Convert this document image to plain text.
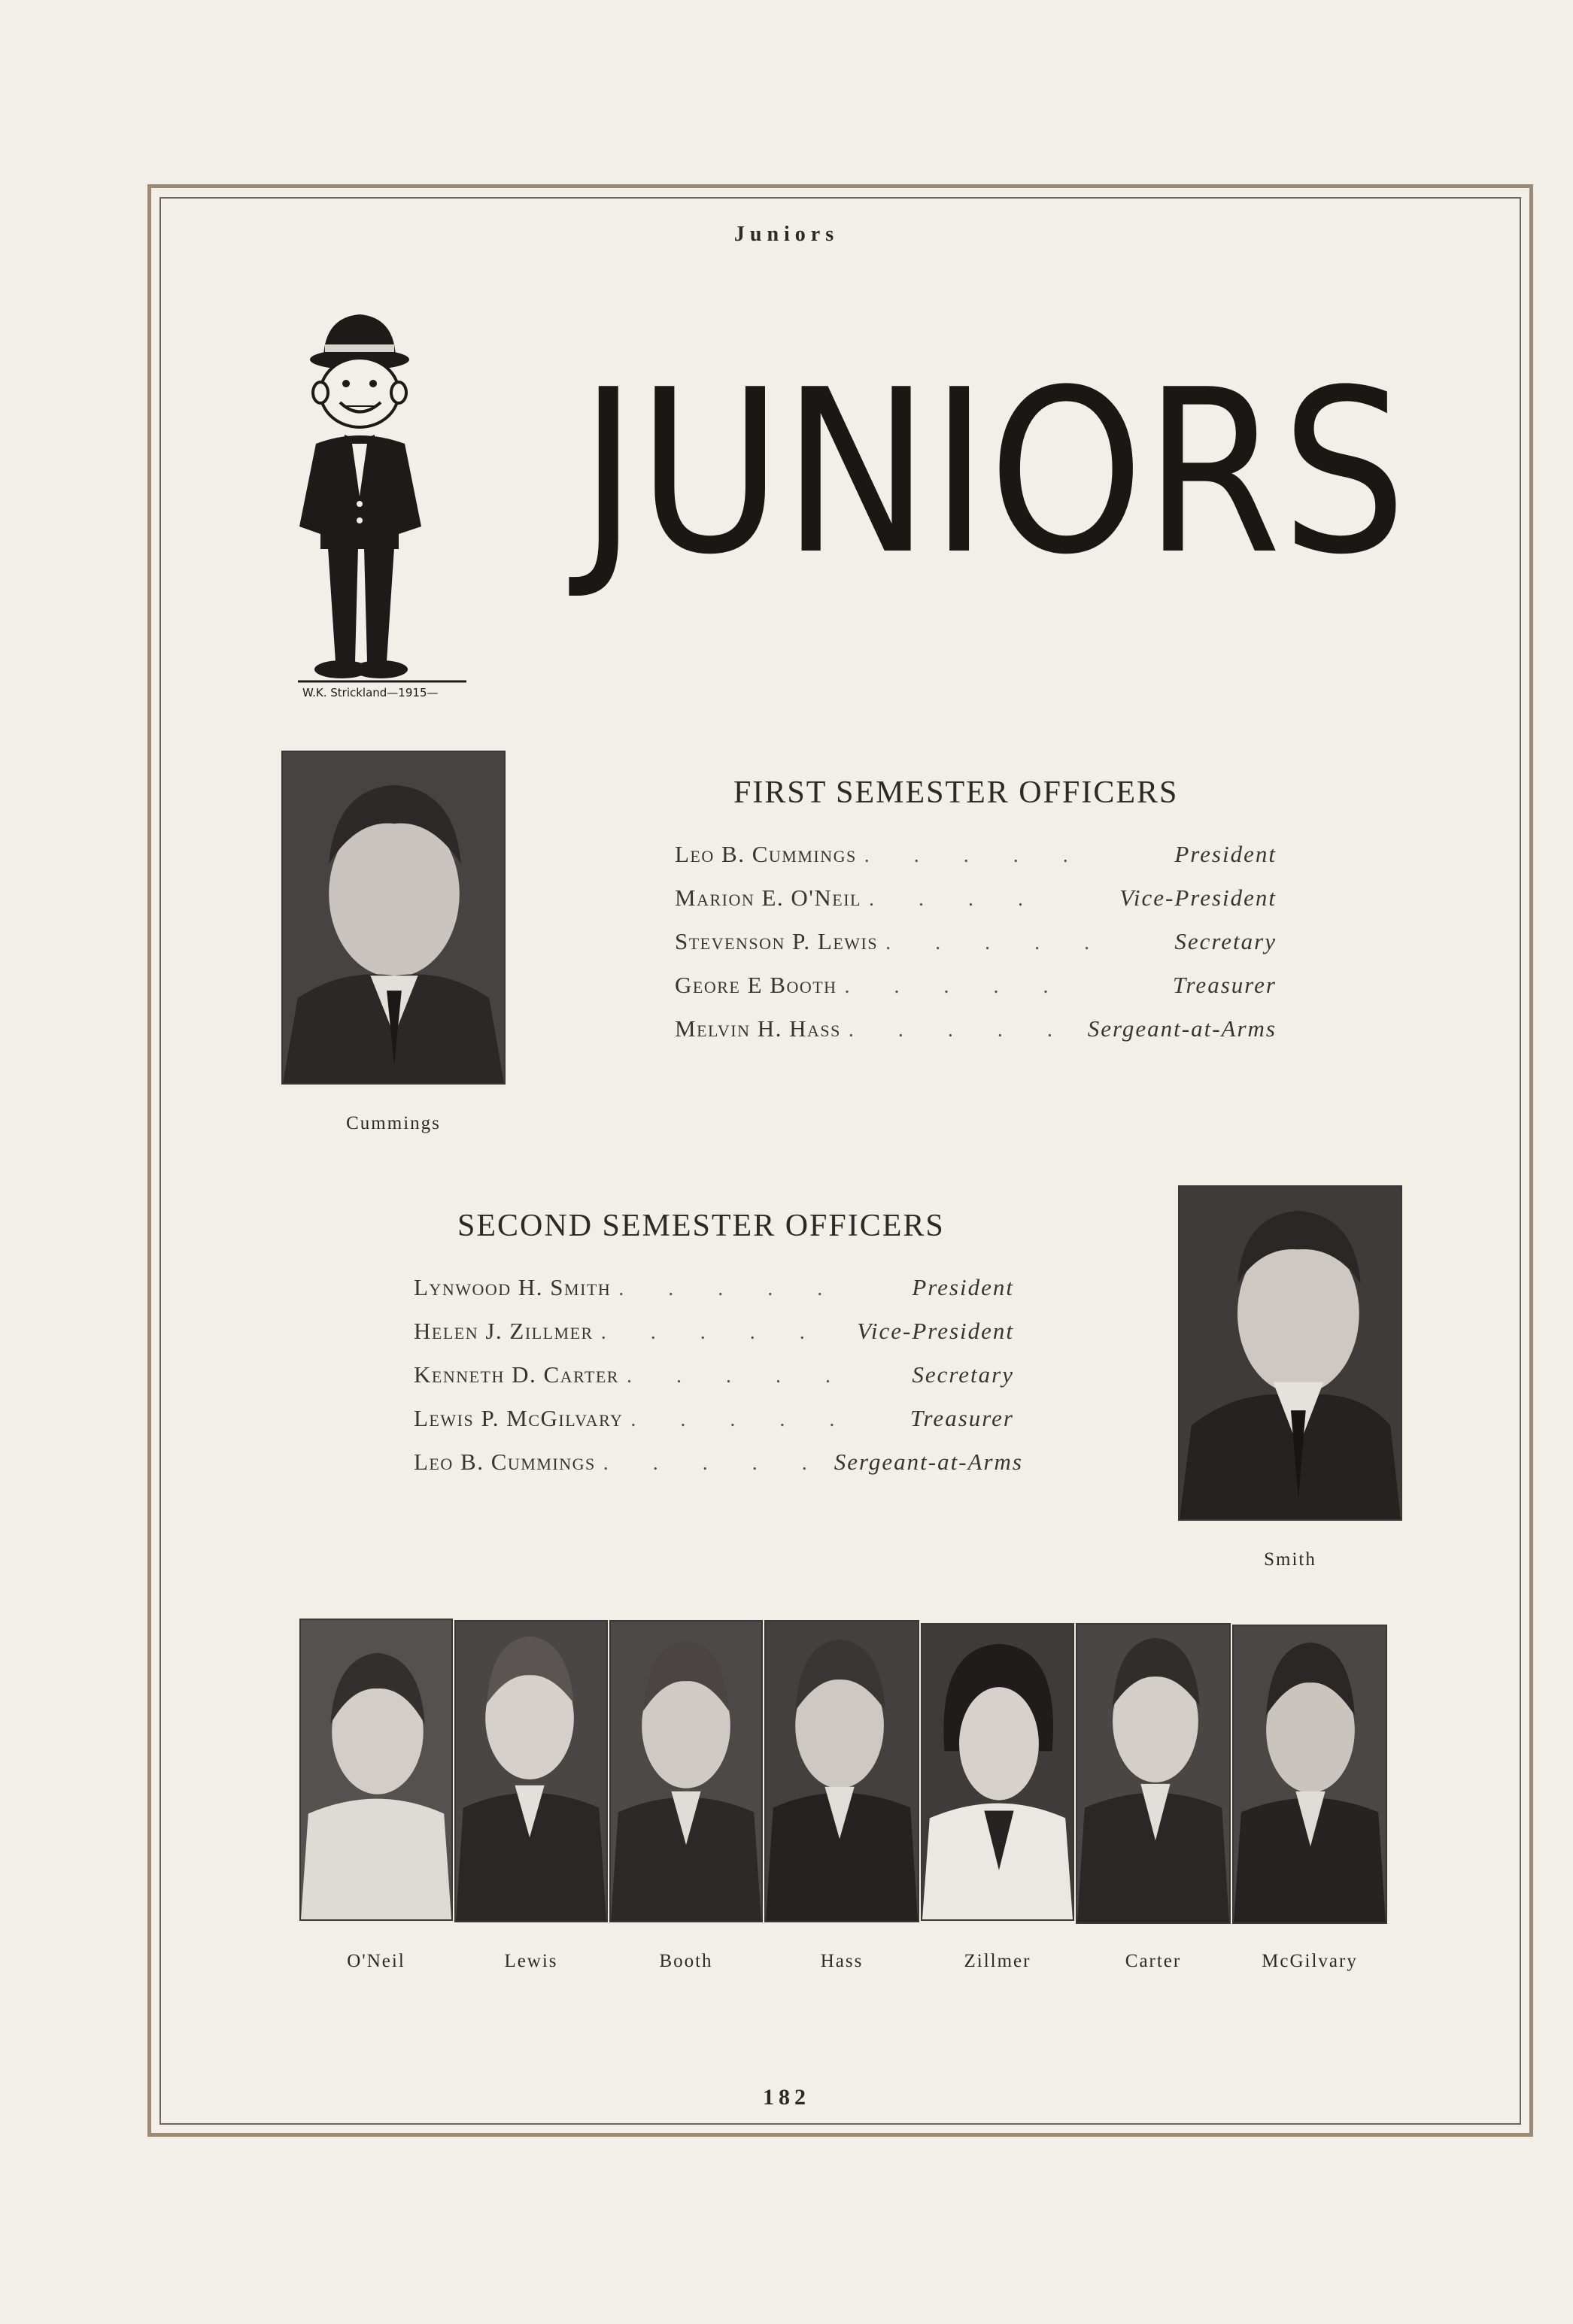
Juniors
W.K. Strickland—1915—
JUNIORS
Cummings
FIRST SEMESTER OFFICERS
Leo B. Cummings . . . . .	President
Marion E. O'Neil . . . .	Vice-President
Stevenson P. Lewis . . . . .	Secretary
Geore E Booth . . . . .	Treasurer
Melvin H. Hass . . . . . Sergeant-at-Arms
SECOND SEMESTER OFFICERS
Lynwood H. Smith . . . . .	President
Helen J. Zillmer . . . . .	Vice-President
Kenneth D. Carter . . . . .	Secretary
Lewis P. McGilvary . . . . .	Treasurer
Leo B. Cummings . . . . . Sergeant-at-Arms
Smith
O'Neil	Lewis	Booth	Hass	Zillmer	Carter	McGilvary
182
